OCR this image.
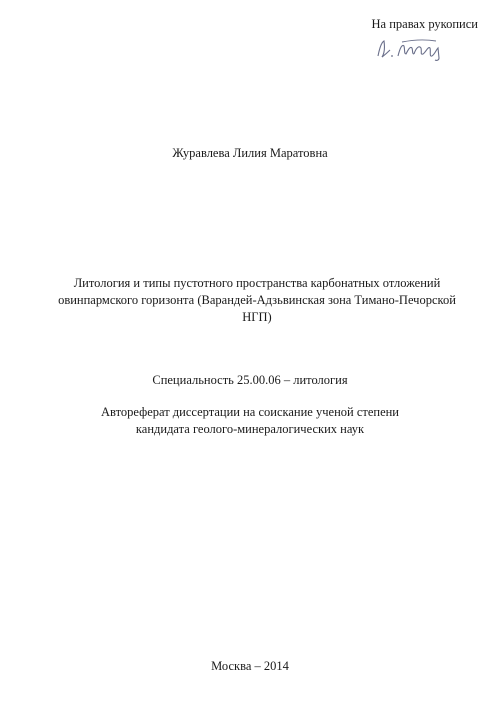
На правах рукописи
Журавлева Лилия Маратовна
Литология и типы пустотного пространства карбонатных отложений
овинпармского горизонта (Варандей-Адзьвинская зона Тимано-Печорской
НГП)
Специальность 25.00.06 – литология
Автореферат диссертации на соискание ученой степени
кандидата геолого-минералогических наук
Москва – 2014
